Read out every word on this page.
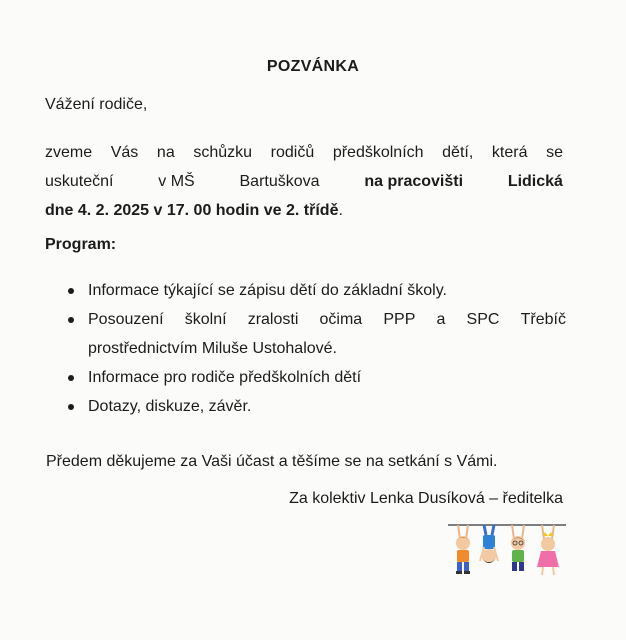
POZVÁNKA
Vážení rodiče,
zveme Vás na schůzku rodičů předškolních dětí, která se
uskuteční	v MŠ	Bartuškova	na pracovišti	Lidická
dne 4. 2. 2025 v 17. 00 hodin ve 2. třídě.
Program:
Informace týkající se zápisu dětí do základní školy.
Posouzení školní zralosti očima PPP a SPC Třebíč
prostřednictvím Miluše Ustohalové.
Informace pro rodiče předškolních dětí
Dotazy, diskuze, závěr.
Předem děkujeme za Vaši účast a těšíme se na setkání s Vámi.
Za kolektiv Lenka Dusíková – ředitelka
